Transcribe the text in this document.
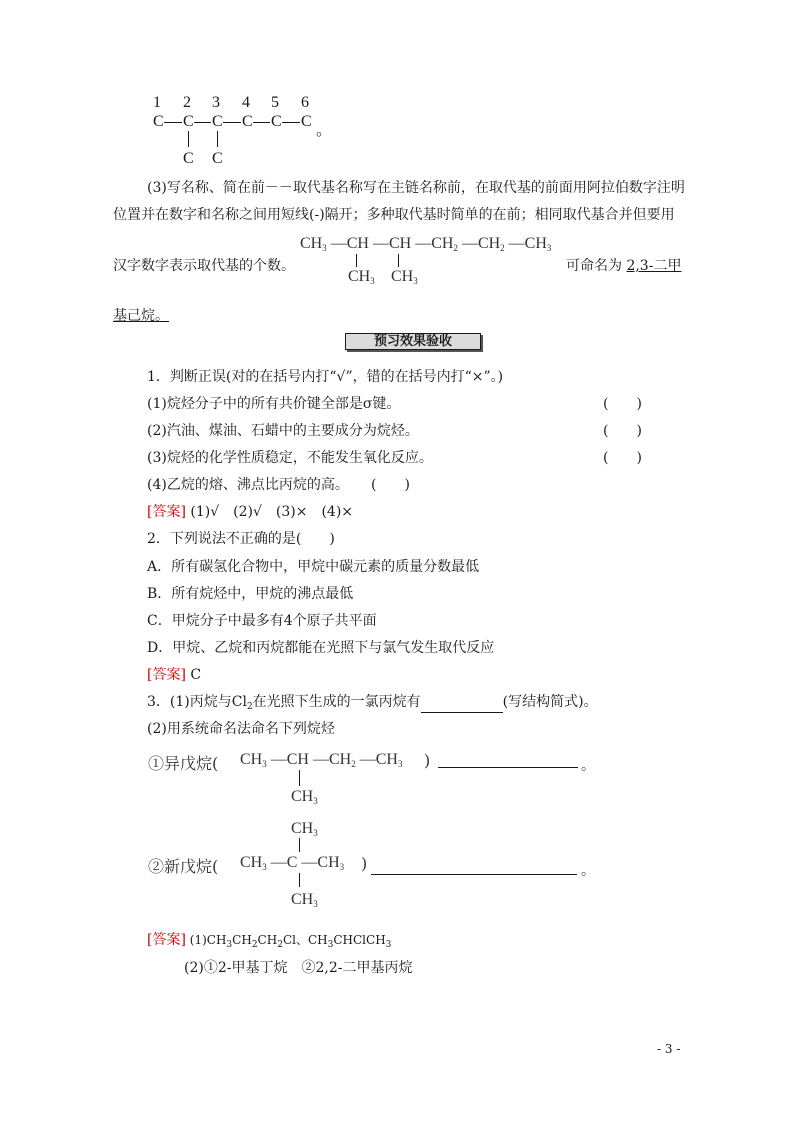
1 2 3 4 5 6
C C C C C C
C C
。
(3)写名称、简在前－－取代基名称写在主链名称前，在取代基的前面用阿拉伯数字注明
位置并在数字和名称之间用短线(-)隔开；多种取代基时简单的在前；相同取代基合并但要用
汉字数字表示取代基的个数。
$CH_3$ —CH —CH $—CH_2$ $—CH_2$ $—CH_3$
$CH_3$ $CH_3$
可命名为 2,3-二甲
基己烷。
预习效果验收
1．判断正误(对的在括号内打“√”，错的在括号内打“×”。)
(1)烷烃分子中的所有共价键全部是σ键。	(　　)
(2)汽油、煤油、石蜡中的主要成分为烷烃。	(　　)
(3)烷烃的化学性质稳定，不能发生氧化反应。	(　　)
(4)乙烷的熔、沸点比丙烷的高。 (　　)
[答案] (1)√　(2)√　(3)×　(4)×
2．下列说法不正确的是(　　)
A．所有碳氢化合物中，甲烷中碳元素的质量分数最低
B．所有烷烃中，甲烷的沸点最低
C．甲烷分子中最多有4个原子共平面
D．甲烷、乙烷和丙烷都能在光照下与氯气发生取代反应
[答案] C
3．(1)丙烷与$Cl_2$在光照下生成的一氯丙烷有	(写结构简式)。
(2)用系统命名法命名下列烷烃
①异戊烷( $CH_3$ —CH $—CH_2$ $—CH_3$ )	。
$CH_3$
$CH_3$
②新戊烷( $CH_3$ —C $—CH_3$ )	。
$CH_3$
[答案] $(1)CH_3CH_2CH_2Cl$、$CH_3CHClCH_3$
(2)①2-甲基丁烷　②2,2-二甲基丙烷
- 3 -
